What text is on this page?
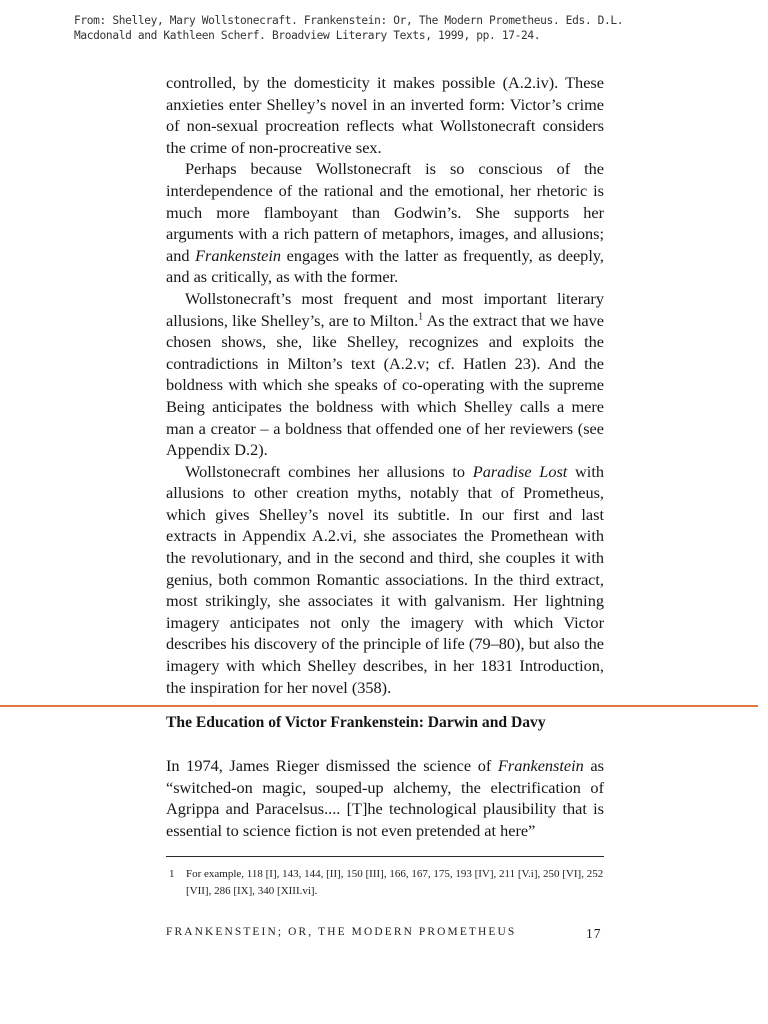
From: Shelley, Mary Wollstonecraft. Frankenstein: Or, The Modern Prometheus. Eds. D.L. Macdonald and Kathleen Scherf. Broadview Literary Texts, 1999, pp. 17-24.

controlled, by the domesticity it makes possible (A.2.iv). These anxieties enter Shelley’s novel in an inverted form: Victor’s crime of non-sexual procreation reflects what Wollstonecraft considers the crime of non-procreative sex.

Perhaps because Wollstonecraft is so conscious of the interdependence of the rational and the emotional, her rhetoric is much more flamboyant than Godwin’s. She supports her arguments with a rich pattern of metaphors, images, and allusions; and Frankenstein engages with the latter as frequently, as deeply, and as critically, as with the former.

Wollstonecraft’s most frequent and most important literary allusions, like Shelley’s, are to Milton.$^1$ As the extract that we have chosen shows, she, like Shelley, recognizes and exploits the contradictions in Milton’s text (A.2.v; cf. Hatlen 23). And the boldness with which she speaks of co-operating with the supreme Being anticipates the boldness with which Shelley calls a mere man a creator – a boldness that offended one of her reviewers (see Appendix D.2).

Wollstonecraft combines her allusions to Paradise Lost with allusions to other creation myths, notably that of Prometheus, which gives Shelley’s novel its subtitle. In our first and last extracts in Appendix A.2.vi, she associates the Promethean with the revolutionary, and in the second and third, she couples it with genius, both common Romantic associations. In the third extract, most strikingly, she associates it with galvanism. Her lightning imagery anticipates not only the imagery with which Victor describes his discovery of the principle of life (79–80), but also the imagery with which Shelley describes, in her 1831 Introduction, the inspiration for her novel (358).

The Education of Victor Frankenstein: Darwin and Davy

In 1974, James Rieger dismissed the science of Frankenstein as “switched-on magic, souped-up alchemy, the electrification of Agrippa and Paracelsus.... [T]he technological plausibility that is essential to science fiction is not even pretended at here”

1 For example, 118 [I], 143, 144, [II], 150 [III], 166, 167, 175, 193 [IV], 211 [V.i], 250 [VI], 252 [VII], 286 [IX], 340 [XIII.vi].
FRANKENSTEIN; OR, THE MODERN PROMETHEUS	17
